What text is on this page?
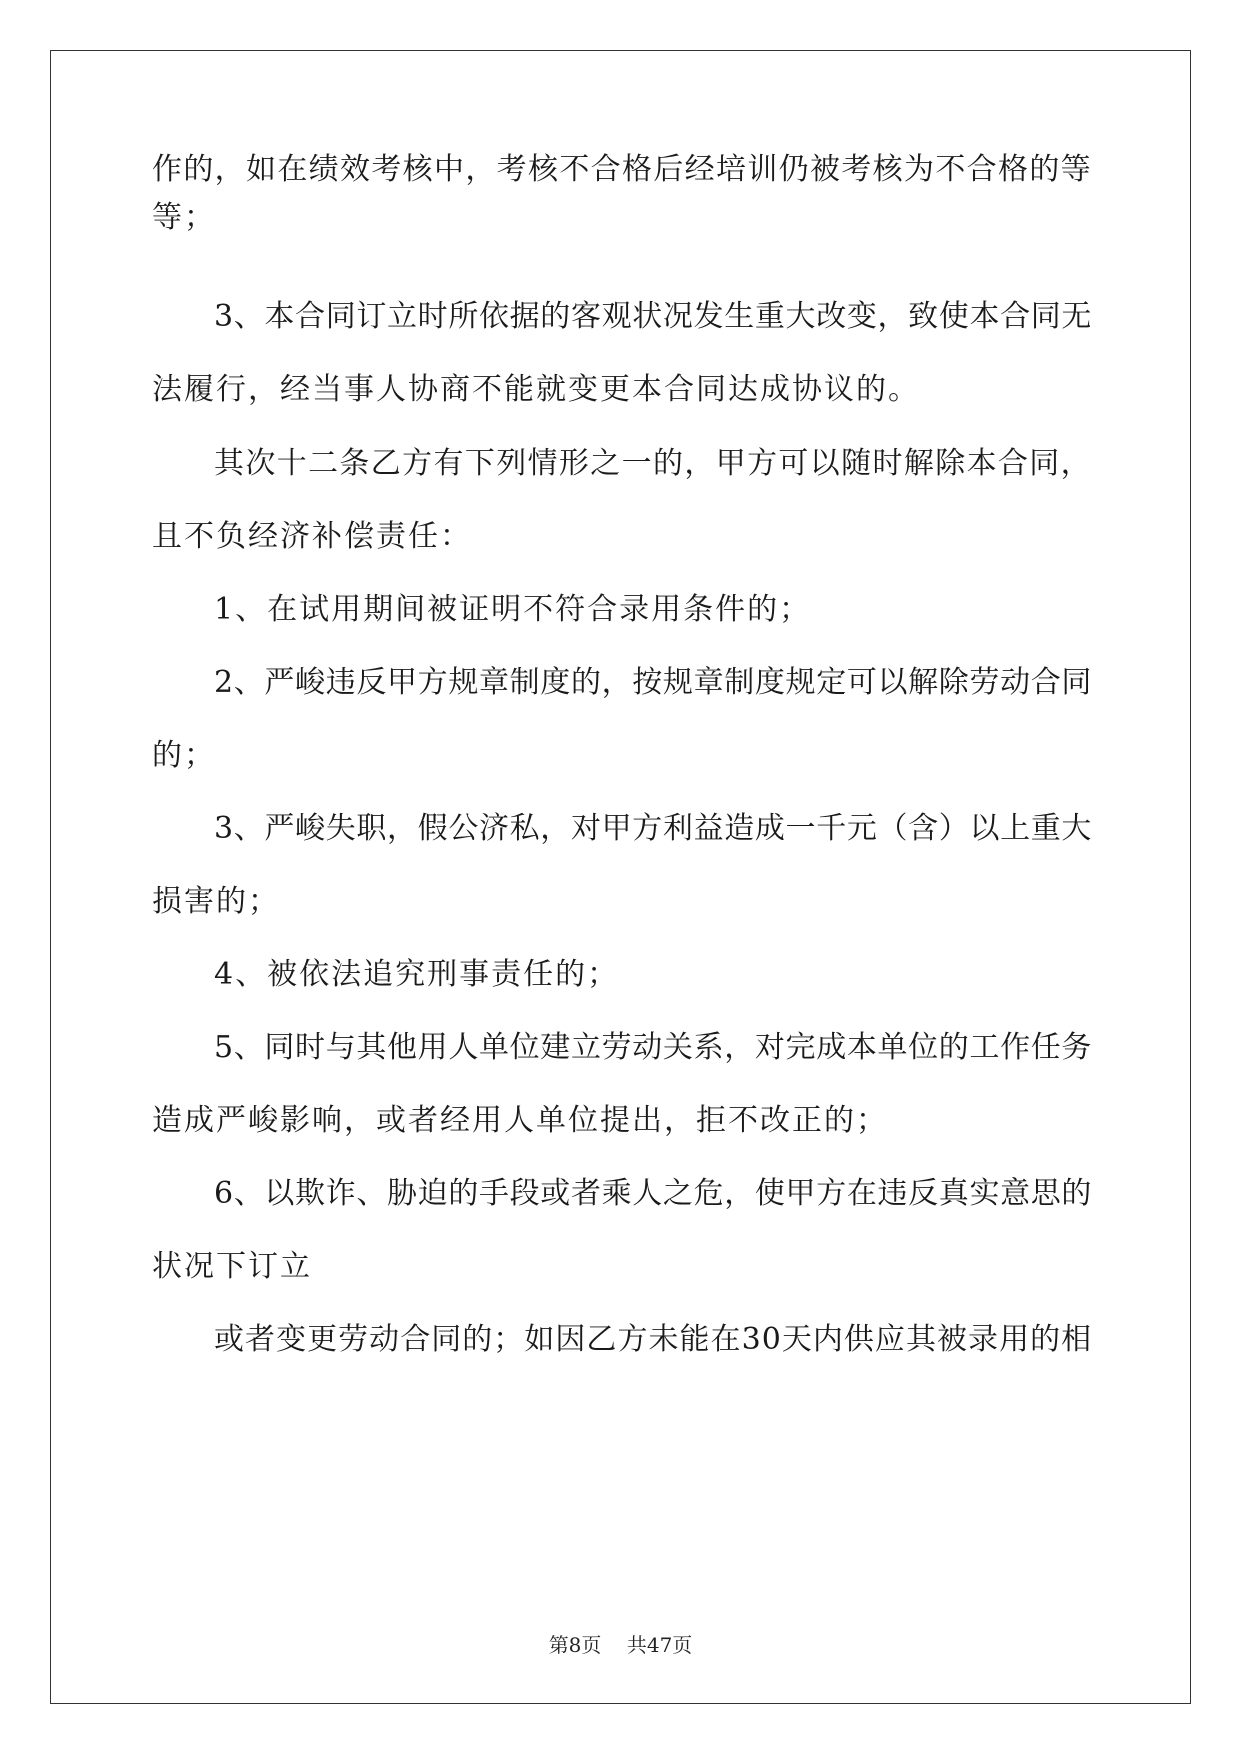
作的，如在绩效考核中，考核不合格后经培训仍被考核为不合格的等

等；

3、本合同订立时所依据的客观状况发生重大改变，致使本合同无

法履行，经当事人协商不能就变更本合同达成协议的。

其次十二条乙方有下列情形之一的，甲方可以随时解除本合同，

且不负经济补偿责任：

1、在试用期间被证明不符合录用条件的；

2、严峻违反甲方规章制度的，按规章制度规定可以解除劳动合同

的；

3、严峻失职，假公济私，对甲方利益造成一千元（含）以上重大

损害的；

4、被依法追究刑事责任的；

5、同时与其他用人单位建立劳动关系，对完成本单位的工作任务

造成严峻影响，或者经用人单位提出，拒不改正的；

6、以欺诈、胁迫的手段或者乘人之危，使甲方在违反真实意思的

状况下订立

或者变更劳动合同的；如因乙方未能在30天内供应其被录用的相

第8页 共47页
